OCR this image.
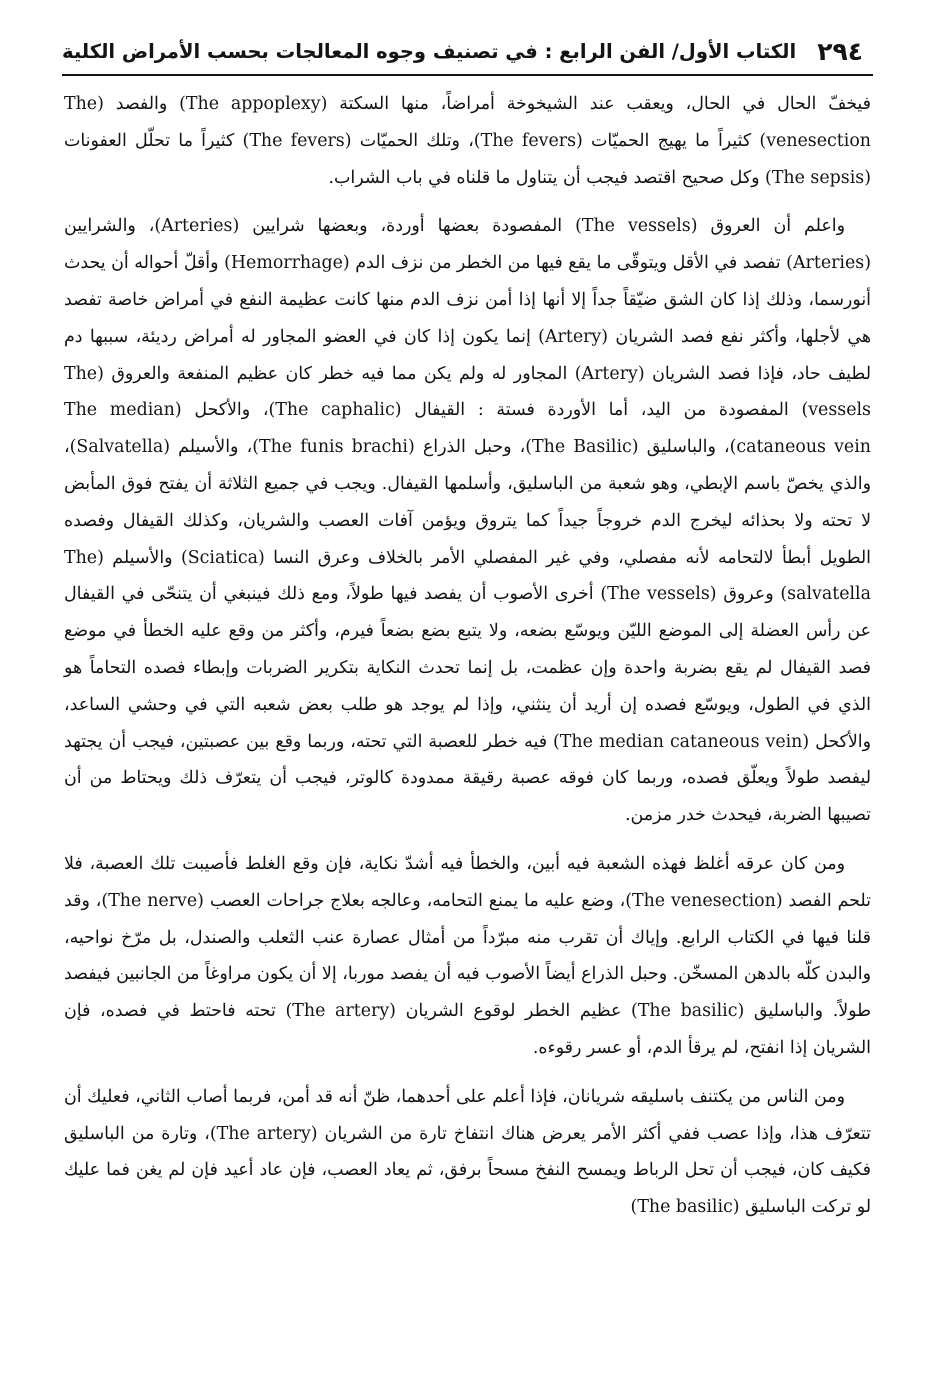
٢٩٤
الكتاب الأول/ الفن الرابع : في تصنيف وجوه المعالجات بحسب الأمراض الكلية

فيخفّ الحال في الحال، ويعقب عند الشيخوخة أمراضاً، منها السكتة (The appoplexy) والفصد (The venesection) كثيراً ما يهيج الحميّات (The fevers)، وتلك الحميّات (The fevers) كثيراً ما تحلّل العفونات (The sepsis) وكل صحيح اقتصد فيجب أن يتناول ما قلناه في باب الشراب.

واعلم أن العروق (The vessels) المفصودة بعضها أوردة، وبعضها شرايين (Arteries)، والشرايين (Arteries) تفصد في الأقل ويتوقّى ما يقع فيها من الخطر من نزف الدم (Hemorrhage) وأقلّ أحواله أن يحدث أنورسما، وذلك إذا كان الشق ضيّقاً جداً إلا أنها إذا أمن نزف الدم منها كانت عظيمة النفع في أمراض خاصة تفصد هي لأجلها، وأكثر نفع فصد الشريان (Artery) إنما يكون إذا كان في العضو المجاور له أمراض رديئة، سببها دم لطيف حاد، فإذا فصد الشريان (Artery) المجاور له ولم يكن مما فيه خطر كان عظيم المنفعة والعروق (The vessels) المفصودة من اليد، أما الأوردة فستة : القيفال (The caphalic)، والأكحل (The median cataneous vein)، والباسليق (The Basilic)، وحبل الذراع (The funis brachi)، والأسيلم (Salvatella)، والذي يخصّ باسم الإبطي، وهو شعبة من الباسليق، وأسلمها القيفال. ويجب في جميع الثلاثة أن يفتح فوق المأبض لا تحته ولا بحذائه ليخرج الدم خروجاً جيداً كما يتروق ويؤمن آفات العصب والشريان، وكذلك القيفال وفصده الطويل أبطأ لالتحامه لأنه مفصلي، وفي غير المفصلي الأمر بالخلاف وعرق النسا (Sciatica) والأسيلم (The salvatella) وعروق (The vessels) أخرى الأصوب أن يفصد فيها طولاً، ومع ذلك فينبغي أن يتنحّى في القيفال عن رأس العضلة إلى الموضع الليّن ويوسّع بضعه، ولا يتبع بضع بضعاً فيرم، وأكثر من وقع عليه الخطأ في موضع فصد القيفال لم يقع بضربة واحدة وإن عظمت، بل إنما تحدث النكاية بتكرير الضربات وإبطاء فصده التحاماً هو الذي في الطول، ويوسّع فصده إن أريد أن ينثني، وإذا لم يوجد هو طلب بعض شعبه التي في وحشي الساعد، والأكحل (The median cataneous vein) فيه خطر للعصبة التي تحته، وربما وقع بين عصبتين، فيجب أن يجتهد ليفصد طولاً ويعلّق فصده، وربما كان فوقه عصبة رقيقة ممدودة كالوتر، فيجب أن يتعرّف ذلك ويحتاط من أن تصيبها الضربة، فيحدث خدر مزمن.

ومن كان عرقه أغلظ فهذه الشعبة فيه أبين، والخطأ فيه أشدّ نكاية، فإن وقع الغلط فأصيبت تلك العصبة، فلا تلحم الفصد (The venesection)، وضع عليه ما يمنع التحامه، وعالجه بعلاج جراحات العصب (The nerve)، وقد قلنا فيها في الكتاب الرابع. وإياك أن تقرب منه مبرّداً من أمثال عصارة عنب الثعلب والصندل، بل مرّخ نواحيه، والبدن كلّه بالدهن المسخّن. وحبل الذراع أيضاً الأصوب فيه أن يفصد موربا، إلا أن يكون مراوغاً من الجانبين فيفصد طولاً. والباسليق (The basilic) عظيم الخطر لوقوع الشريان (The artery) تحته فاحتط في فصده، فإن الشريان إذا انفتح، لم يرقأ الدم، أو عسر رقوءه.

ومن الناس من يكتنف باسليقه شريانان، فإذا أعلم على أحدهما، ظنّ أنه قد أمن، فربما أصاب الثاني، فعليك أن تتعرّف هذا، وإذا عصب ففي أكثر الأمر يعرض هناك انتفاخ تارة من الشريان (The artery)، وتارة من الباسليق فكيف كان، فيجب أن تحل الرباط ويمسح النفخ مسحاً برفق، ثم يعاد العصب، فإن عاد أعيد فإن لم يغن فما عليك لو تركت الباسليق (The basilic)
